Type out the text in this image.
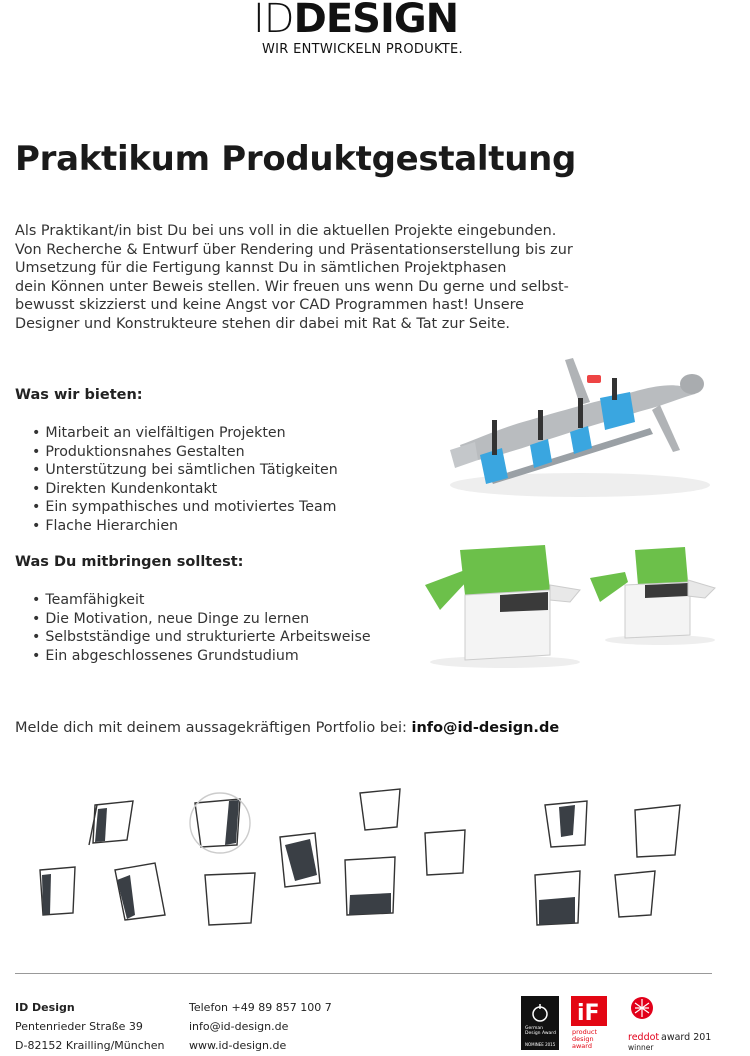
IDDESIGN
WIR ENTWICKELN PRODUKTE.
Praktikum Produktgestaltung
Als Praktikant/in bist Du bei uns voll in die aktuellen Projekte eingebunden.
Von Recherche & Entwurf über Rendering und Präsentationserstellung bis zur
Umsetzung für die Fertigung kannst Du in sämtlichen Projektphasen
dein Können unter Beweis stellen. Wir freuen uns wenn Du gerne und selbst-
bewusst skizzierst und keine Angst vor CAD Programmen hast! Unsere
Designer und Konstrukteure stehen dir dabei mit Rat & Tat zur Seite.
Was wir bieten:
• Mitarbeit an vielfältigen Projekten
• Produktionsnahes Gestalten
• Unterstützung bei sämtlichen Tätigkeiten
• Direkten Kundenkontakt
• Ein sympathisches und motiviertes Team
• Flache Hierarchien
Was Du mitbringen solltest:
• Teamfähigkeit
• Die Motivation, neue Dinge zu lernen
• Selbstständige und strukturierte Arbeitsweise
• Ein abgeschlossenes Grundstudium
Melde dich mit deinem aussagekräftigen Portfolio bei: info@id-design.de
ID Design
Pentenrieder Straße 39
D-82152 Krailling/München
Telefon +49 89 857 100 7
info@id-design.de
www.id-design.de
German
Design Award
NOMINEE 2015
iF
product
design
award
reddot award 2016
winner
